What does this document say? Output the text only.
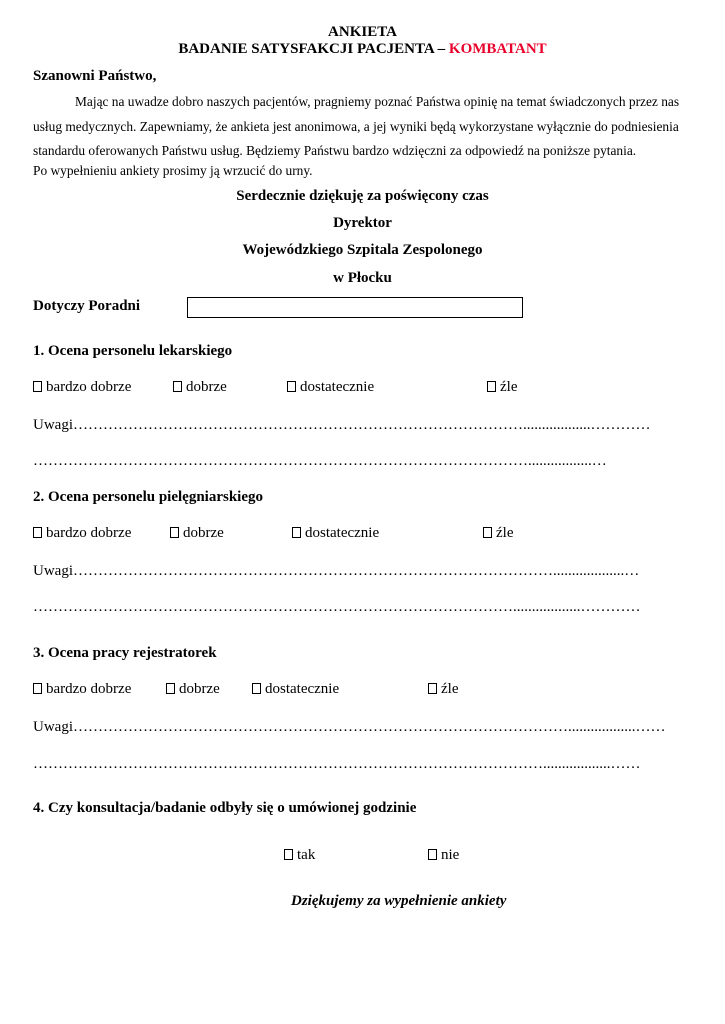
ANKIETA
BADANIE SATYSFAKCJI PACJENTA – KOMBATANT
Szanowni Państwo,
Mając na uwadze dobro naszych pacjentów, pragniemy poznać Państwa opinię na temat świadczonych przez nas
usług medycznych. Zapewniamy, że ankieta jest anonimowa, a jej wyniki będą wykorzystane wyłącznie do podniesienia
standardu oferowanych Państwu usług. Będziemy Państwu bardzo wdzięczni za odpowiedź na poniższe pytania.
Po wypełnieniu ankiety prosimy ją wrzucić do urny.
Serdecznie dziękuję za poświęcony czas
Dyrektor
Wojewódzkiego Szpitala Zespolonego
w Płocku
Dotyczy Poradni
1. Ocena personelu lekarskiego
bardzo dobrze	dobrze	dostatecznie	źle
Uwagi………………………………………………………………………………..................…………
……………………………………………………………………………………….................…
2. Ocena personelu pielęgniarskiego
bardzo dobrze	dobrze	dostatecznie	źle
Uwagi……………………………………………………………………………………...................…
……………………………………………………………………………………..................…………
3. Ocena pracy rejestratorek
bardzo dobrze	dobrze	dostatecznie	źle
Uwagi………………………………………………………………………………………..................……
…………………………………………………………………………………………..................……
4. Czy konsultacja/badanie odbyły się o umówionej godzinie
tak	nie
Dziękujemy za wypełnienie ankiety
